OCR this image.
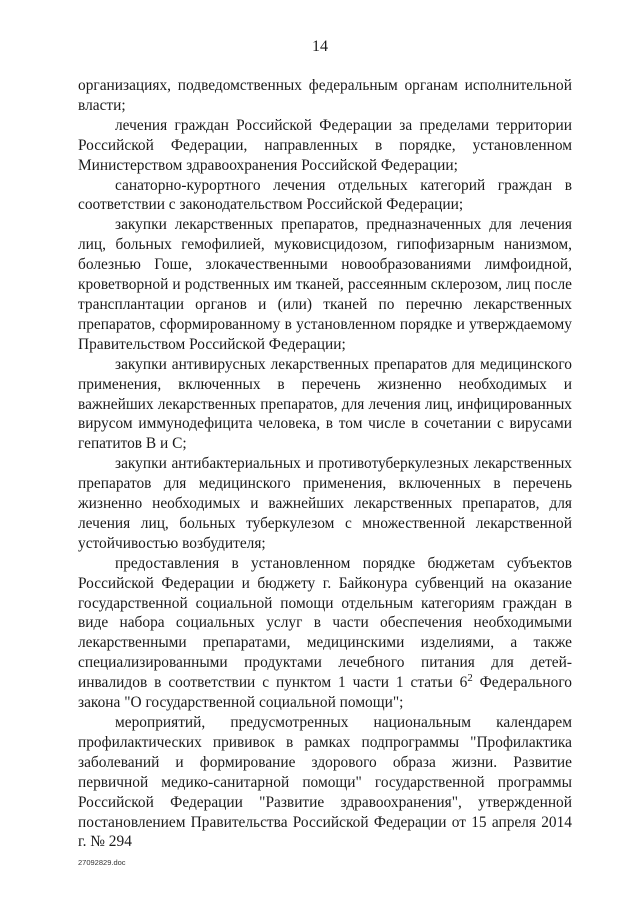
14

организациях, подведомственных федеральным органам исполнительной власти;

лечения граждан Российской Федерации за пределами территории Российской Федерации, направленных в порядке, установленном Министерством здравоохранения Российской Федерации;

санаторно-курортного лечения отдельных категорий граждан в соответствии с законодательством Российской Федерации;

закупки лекарственных препаратов, предназначенных для лечения лиц, больных гемофилией, муковисцидозом, гипофизарным нанизмом, болезнью Гоше, злокачественными новообразованиями лимфоидной, кроветворной и родственных им тканей, рассеянным склерозом, лиц после трансплантации органов и (или) тканей по перечню лекарственных препаратов, сформированному в установленном порядке и утверждаемому Правительством Российской Федерации;

закупки антивирусных лекарственных препаратов для медицинского применения, включенных в перечень жизненно необходимых и важнейших лекарственных препаратов, для лечения лиц, инфицированных вирусом иммунодефицита человека, в том числе в сочетании с вирусами гепатитов B и C;

закупки антибактериальных и противотуберкулезных лекарственных препаратов для медицинского применения, включенных в перечень жизненно необходимых и важнейших лекарственных препаратов, для лечения лиц, больных туберкулезом с множественной лекарственной устойчивостью возбудителя;

предоставления в установленном порядке бюджетам субъектов Российской Федерации и бюджету г. Байконура субвенций на оказание государственной социальной помощи отдельным категориям граждан в виде набора социальных услуг в части обеспечения необходимыми лекарственными препаратами, медицинскими изделиями, а также специализированными продуктами лечебного питания для детей-инвалидов в соответствии с пунктом 1 части 1 статьи $6^2$ Федерального закона "О государственной социальной помощи";

мероприятий, предусмотренных национальным календарем профилактических прививок в рамках подпрограммы "Профилактика заболеваний и формирование здорового образа жизни. Развитие первичной медико-санитарной помощи" государственной программы Российской Федерации "Развитие здравоохранения", утвержденной постановлением Правительства Российской Федерации от 15 апреля 2014 г. № 294

27092829.doc
